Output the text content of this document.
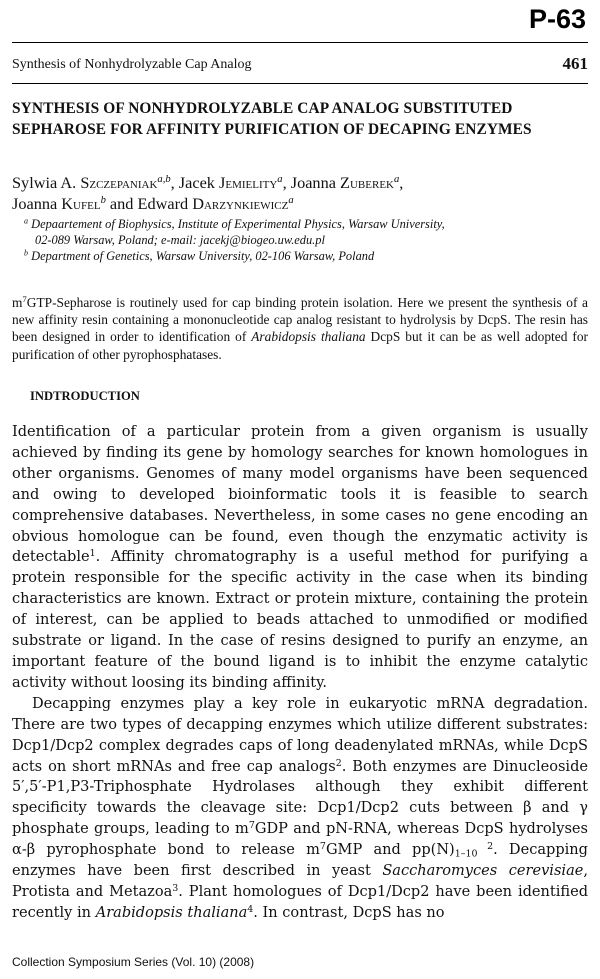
P-63
Synthesis of Nonhydrolyzable Cap Analog	461
SYNTHESIS OF NONHYDROLYZABLE CAP ANALOG SUBSTITUTED
SEPHAROSE FOR AFFINITY PURIFICATION OF DECAPING ENZYMES
Sylwia A. Szczepaniak$^{a,b}$, Jacek Jemielity$^a$, Joanna Zuberek$^a$,
Joanna Kufel$^b$ and Edward Darzynkiewicz$^a$
$^a$ Depaartement of Biophysics, Institute of Experimental Physics, Warsaw University,
02-089 Warsaw, Poland; e-mail: jacekj@biogeo.uw.edu.pl
$^b$ Department of Genetics, Warsaw University, 02-106 Warsaw, Poland
$m^7GTP$-Sepharose is routinely used for cap binding protein isolation. Here we present the synthesis of a new affinity resin containing a mononucleotide cap analog resistant to hydrolysis by DcpS. The resin has been designed in order to identification of Arabidopsis thaliana DcpS but it can be as well adopted for purification of other pyrophosphatases.
INDTRODUCTION

Identification of a particular protein from a given organism is usually achieved by finding its gene by homology searches for known homologues in other organisms. Genomes of many model organisms have been sequenced and owing to developed bioinformatic tools it is feasible to search comprehensive databases. Nevertheless, in some cases no gene encoding an obvious homologue can be found, even though the enzymatic activity is detectable$^1$. Affinity chromatography is a useful method for purifying a protein responsible for the specific activity in the case when its binding characteristics are known. Extract or protein mixture, containing the protein of interest, can be applied to beads attached to unmodified or modified substrate or ligand. In the case of resins designed to purify an enzyme, an important feature of the bound ligand is to inhibit the enzyme catalytic activity without loosing its binding affinity.

Decapping enzymes play a key role in eukaryotic mRNA degradation. There are two types of decapping enzymes which utilize different substrates: Dcp1/Dcp2 complex degrades caps of long deadenylated mRNAs, while DcpS acts on short mRNAs and free cap analogs$^2$. Both enzymes are Dinucleoside 5′,5′-P1,P3-Triphosphate Hydrolases although they exhibit different specificity towards the cleavage site: Dcp1/Dcp2 cuts between β and γ phosphate groups, leading to $m^7GDP$ and pN-RNA, whereas DcpS hydrolyses α-β pyrophosphate bond to release $m^7GMP$ and $pp(N)_{1-10}$ $^2$. Decapping enzymes have been first described in yeast Saccharomyces cerevisiae, Protista and Metazoa$^3$. Plant homologues of Dcp1/Dcp2 have been identified recently in Arabidopsis thaliana$^4$. In contrast, DcpS has no

Collection Symposium Series (Vol. 10) (2008)
